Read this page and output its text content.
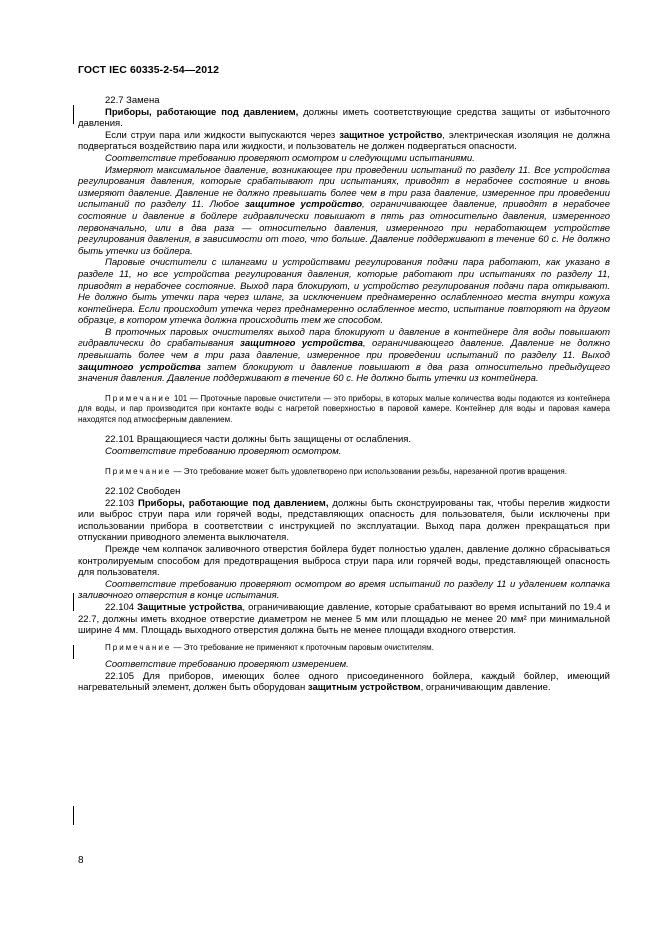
ГОСТ IEC 60335-2-54—2012

22.7 Замена

Приборы, работающие под давлением, должны иметь соответствующие средства защиты от избыточного давления.

Если струи пара или жидкости выпускаются через защитное устройство, электрическая изоляция не должна подвергаться воздействию пара или жидкости, и пользователь не должен подвергаться опасности.

Соответствие требованию проверяют осмотром и следующими испытаниями.

Измеряют максимальное давление, возникающее при проведении испытаний по разделу 11. Все устройства регулирования давления, которые срабатывают при испытаниях, приводят в нерабочее состояние и вновь измеряют давление. Давление не должно превышать более чем в три раза давление, измеренное при проведении испытаний по разделу 11. Любое защитное устройство, ограничивающее давление, приводят в нерабочее состояние и давление в бойлере гидравлически повышают в пять раз относительно давления, измеренного первоначально, или в два раза — относительно давления, измеренного при неработающем устройстве регулирования давления, в зависимости от того, что больше. Давление поддерживают в течение 60 с. Не должно быть утечки из бойлера.

Паровые очистители с шлангами и устройствами регулирования подачи пара работают, как указано в разделе 11, но все устройства регулирования давления, которые работают при испытаниях по разделу 11, приводят в нерабочее состояние. Выход пара блокируют, и устройство регулирования подачи пара открывают. Не должно быть утечки пара через шланг, за исключением преднамеренно ослабленного места внутри кожуха контейнера. Если происходит утечка через преднамеренно ослабленное место, испытание повторяют на другом образце, в котором утечка должна происходить тем же способом.

В проточных паровых очистителях выход пара блокируют и давление в контейнере для воды повышают гидравлически до срабатывания защитного устройства, ограничивающего давление. Давление не должно превышать более чем в три раза давление, измеренное при проведении испытаний по разделу 11. Выход защитного устройства затем блокируют и давление повышают в два раза относительно предыдущего значения давления. Давление поддерживают в течение 60 с. Не должно быть утечки из контейнера.

Примечание 101 — Проточные паровые очистители — это приборы, в которых малые количества воды подаются из контейнера для воды, и пар производится при контакте воды с нагретой поверхностью в паровой камере. Контейнер для воды и паровая камера находятся под атмосферным давлением.

22.101 Вращающиеся части должны быть защищены от ослабления.

Соответствие требованию проверяют осмотром.

Примечание — Это требование может быть удовлетворено при использовании резьбы, нарезанной против вращения.

22.102 Свободен

22.103 Приборы, работающие под давлением, должны быть сконструированы так, чтобы перелив жидкости или выброс струи пара или горячей воды, представляющих опасность для пользователя, были исключены при использовании прибора в соответствии с инструкцией по эксплуатации. Выход пара должен прекращаться при отпускании приводного элемента выключателя.

Прежде чем колпачок заливочного отверстия бойлера будет полностью удален, давление должно сбрасываться контролируемым способом для предотвращения выброса струи пара или горячей воды, представляющей опасность для пользователя.

Соответствие требованию проверяют осмотром во время испытаний по разделу 11 и удалением колпачка заливочного отверстия в конце испытания.

22.104 Защитные устройства, ограничивающие давление, которые срабатывают во время испытаний по 19.4 и 22.7, должны иметь входное отверстие диаметром не менее 5 мм или площадью не менее 20 мм² при минимальной ширине 4 мм. Площадь выходного отверстия должна быть не менее площади входного отверстия.

Примечание — Это требование не применяют к проточным паровым очистителям.

Соответствие требованию проверяют измерением.

22.105 Для приборов, имеющих более одного присоединенного бойлера, каждый бойлер, имеющий нагревательный элемент, должен быть оборудован защитным устройством, ограничивающим давление.

8
